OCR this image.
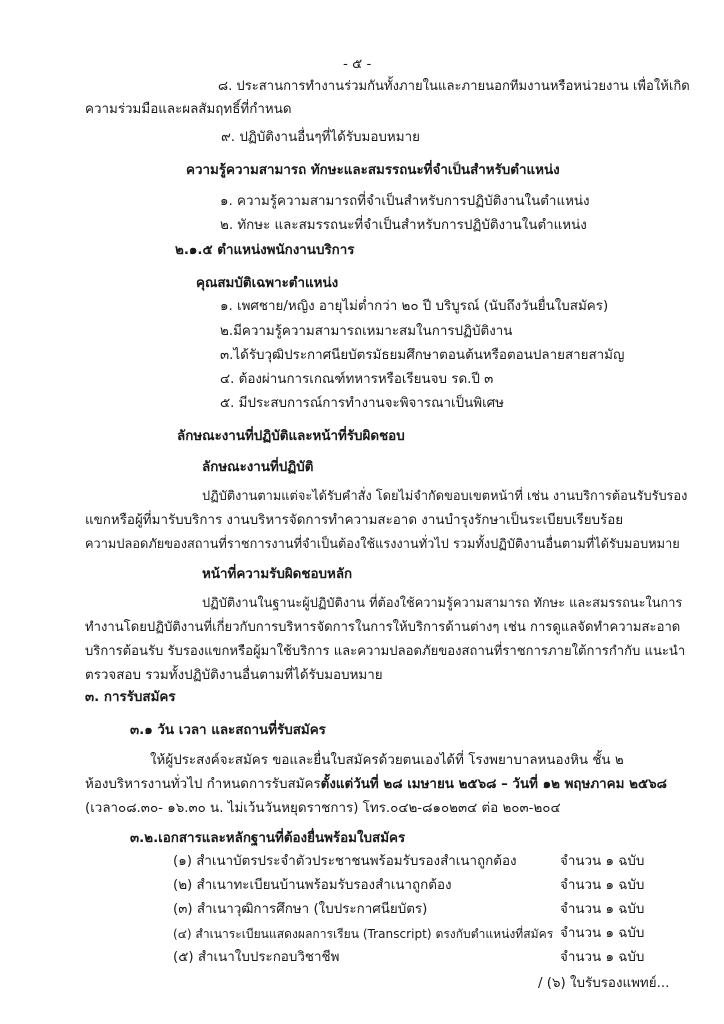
- ๕ -
๘. ประสานการทำงานร่วมกันทั้งภายในและภายนอกทีมงานหรือหน่วยงาน เพื่อให้เกิด
ความร่วมมือและผลสัมฤทธิ์ที่กำหนด
๙. ปฏิบัติงานอื่นๆที่ได้รับมอบหมาย
ความรู้ความสามารถ ทักษะและสมรรถนะที่จำเป็นสำหรับตำแหน่ง
๑. ความรู้ความสามารถที่จำเป็นสำหรับการปฏิบัติงานในตำแหน่ง
๒. ทักษะ และสมรรถนะที่จำเป็นสำหรับการปฏิบัติงานในตำแหน่ง
๒.๑.๕ ตำแหน่งพนักงานบริการ
คุณสมบัติเฉพาะตำแหน่ง
๑. เพศชาย/หญิง อายุไม่ต่ำกว่า ๒๐ ปี บริบูรณ์ (นับถึงวันยื่นใบสมัคร)
๒.มีความรู้ความสามารถเหมาะสมในการปฏิบัติงาน
๓.ได้รับวุฒิประกาศนียบัตรมัธยมศึกษาตอนต้นหรือตอนปลายสายสามัญ
๔. ต้องผ่านการเกณฑ์ทหารหรือเรียนจบ รด.ปี ๓
๕. มีประสบการณ์การทำงานจะพิจารณาเป็นพิเศษ
ลักษณะงานที่ปฏิบัติและหน้าที่รับผิดชอบ
ลักษณะงานที่ปฏิบัติ
ปฏิบัติงานตามแต่จะได้รับคำสั่ง โดยไม่จำกัดขอบเขตหน้าที่ เช่น งานบริการต้อนรับรับรอง
แขกหรือผู้ที่มารับบริการ งานบริหารจัดการทำความสะอาด งานบำรุงรักษาเป็นระเบียบเรียบร้อย
ความปลอดภัยของสถานที่ราชการงานที่จำเป็นต้องใช้แรงงานทั่วไป รวมทั้งปฏิบัติงานอื่นตามที่ได้รับมอบหมาย
หน้าที่ความรับผิดชอบหลัก
ปฏิบัติงานในฐานะผู้ปฏิบัติงาน ที่ต้องใช้ความรู้ความสามารถ ทักษะ และสมรรถนะในการ
ทำงานโดยปฏิบัติงานที่เกี่ยวกับการบริหารจัดการในการให้บริการด้านต่างๆ เช่น การดูแลจัดทำความสะอาด
บริการต้อนรับ รับรองแขกหรือผู้มาใช้บริการ และความปลอดภัยของสถานที่ราชการภายใต้การกำกับ แนะนำ
ตรวจสอบ รวมทั้งปฏิบัติงานอื่นตามที่ได้รับมอบหมาย
๓. การรับสมัคร
๓.๑ วัน เวลา และสถานที่รับสมัคร
ให้ผู้ประสงค์จะสมัคร ขอและยื่นใบสมัครด้วยตนเองได้ที่ โรงพยาบาลหนองหิน ชั้น ๒
ห้องบริหารงานทั่วไป กำหนดการรับสมัครตั้งแต่วันที่ ๒๘ เมษายน ๒๕๖๘ – วันที่ ๑๒ พฤษภาคม ๒๕๖๘
(เวลา๐๘.๓๐- ๑๖.๓๐ น. ไม่เว้นวันหยุดราชการ) โทร.๐๔๒-๘๑๐๒๓๔ ต่อ ๒๐๓-๒๐๔
๓.๒.เอกสารและหลักฐานที่ต้องยื่นพร้อมใบสมัคร
(๑) สำเนาบัตรประจำตัวประชาชนพร้อมรับรองสำเนาถูกต้อง	จำนวน ๑ ฉบับ
(๒) สำเนาทะเบียนบ้านพร้อมรับรองสำเนาถูกต้อง	จำนวน ๑ ฉบับ
(๓) สำเนาวุฒิการศึกษา (ใบประกาศนียบัตร)	จำนวน ๑ ฉบับ
(๔) สำเนาระเบียนแสดงผลการเรียน (Transcript) ตรงกับตำแหน่งที่สมัคร จำนวน ๑ ฉบับ
(๕) สำเนาใบประกอบวิชาชีพ	จำนวน ๑ ฉบับ
/ (๖) ใบรับรองแพทย์...
